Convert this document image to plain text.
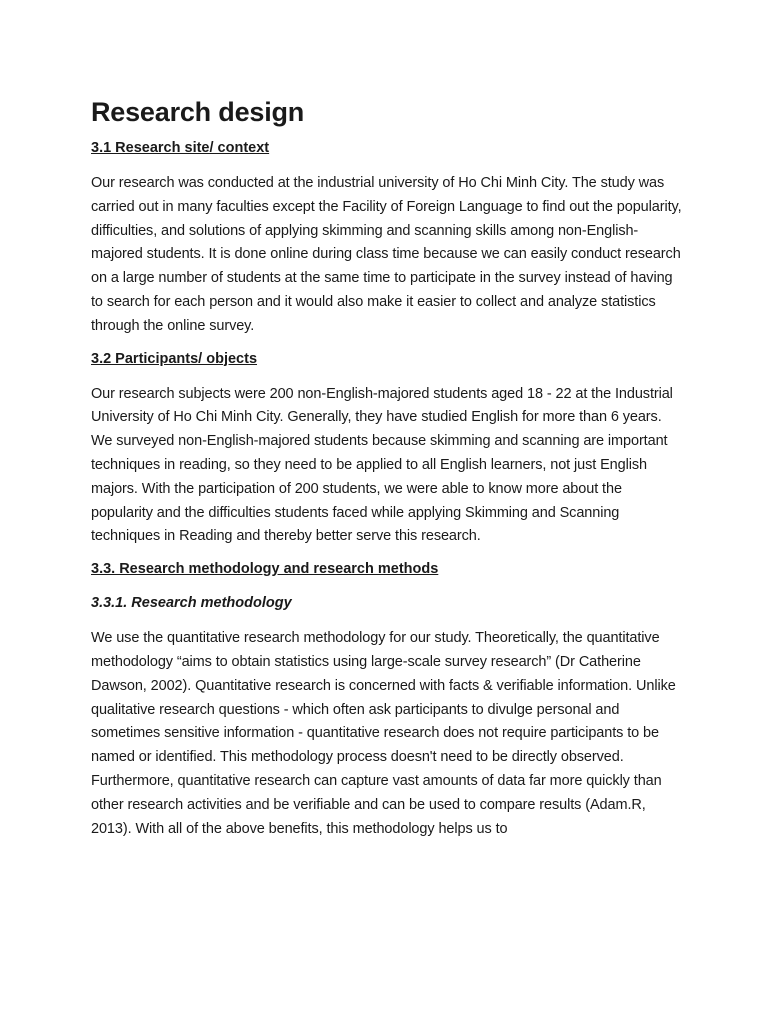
Research design
3.1 Research site/ context

Our research was conducted at the industrial university of Ho Chi Minh City. The study was carried out in many faculties except the Facility of Foreign Language to find out the popularity, difficulties, and solutions of applying skimming and scanning skills among non-English-majored students. It is done online during class time because we can easily conduct research on a large number of students at the same time to participate in the survey instead of having to search for each person and it would also make it easier to collect and analyze statistics through the online survey.

3.2 Participants/ objects

Our research subjects were 200 non-English-majored students aged 18 - 22 at the Industrial University of Ho Chi Minh City. Generally, they have studied English for more than 6 years. We surveyed non-English-majored students because skimming and scanning are important techniques in reading, so they need to be applied to all English learners, not just English majors. With the participation of 200 students, we were able to know more about the popularity and the difficulties students faced while applying Skimming and Scanning techniques in Reading and thereby better serve this research.

3.3. Research methodology and research methods
3.3.1. Research methodology

We use the quantitative research methodology for our study. Theoretically, the quantitative methodology “aims to obtain statistics using large-scale survey research” (Dr Catherine Dawson, 2002). Quantitative research is concerned with facts & verifiable information. Unlike qualitative research questions - which often ask participants to divulge personal and sometimes sensitive information - quantitative research does not require participants to be named or identified. This methodology process doesn't need to be directly observed. Furthermore, quantitative research can capture vast amounts of data far more quickly than other research activities and be verifiable and can be used to compare results (Adam.R, 2013). With all of the above benefits, this methodology helps us to
